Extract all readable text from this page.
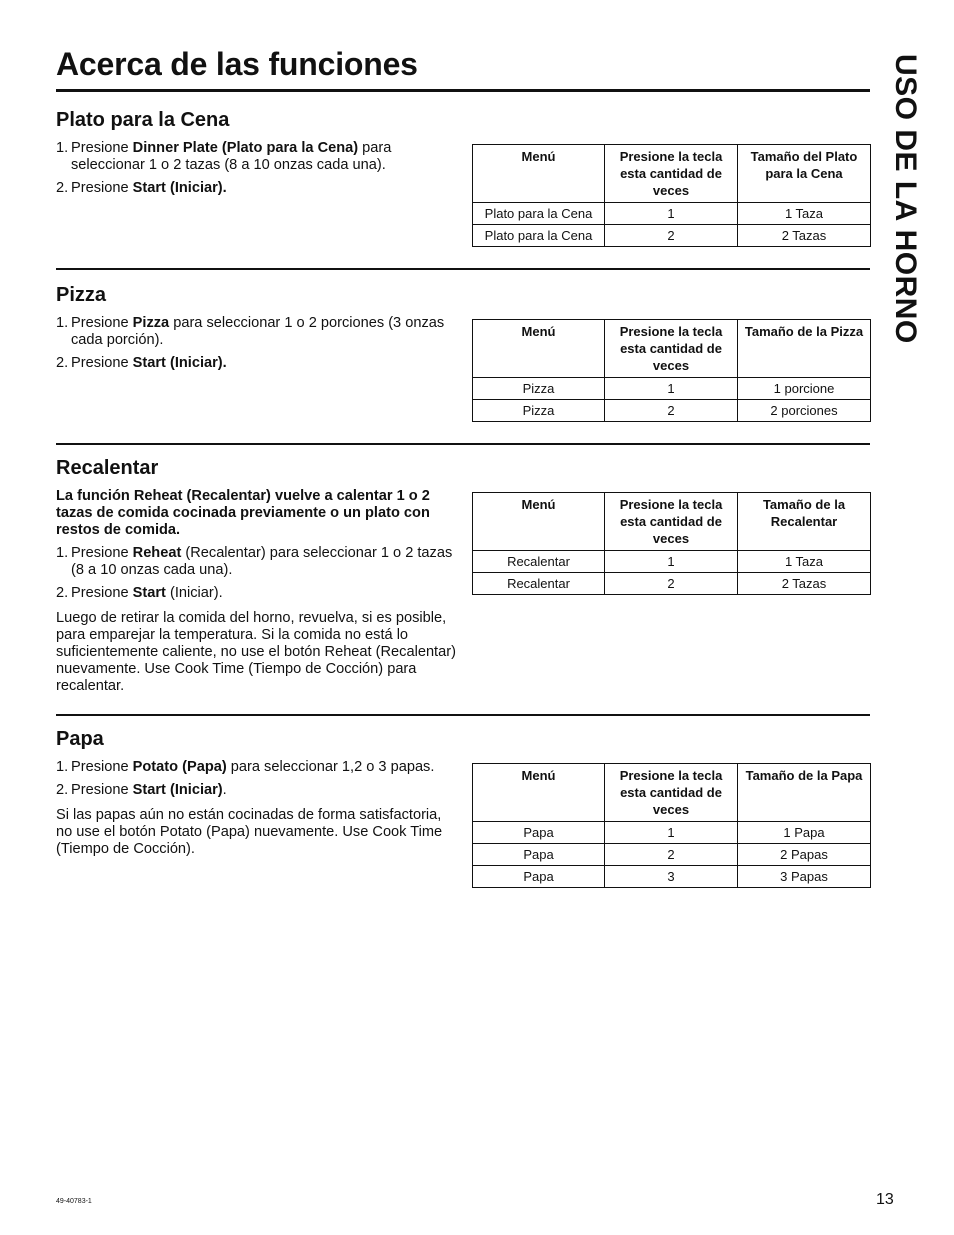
Acerca de las funciones	USO DE LA HORNO
Plato para la Cena
1. Presione Dinner Plate (Plato para la Cena) para seleccionar 1 o 2 tazas (8 a 10 onzas cada una).
2. Presione Start (Iniciar).
Menú	Presione la tecla esta cantidad de veces	Tamaño del Plato para la Cena
Plato para la Cena	1	1 Taza
Plato para la Cena	2	2 Tazas
Pizza
1. Presione Pizza para seleccionar 1 o 2 porciones (3 onzas cada porción).
2. Presione Start (Iniciar).
Menú	Presione la tecla esta cantidad de veces	Tamaño de la Pizza
Pizza	1	1 porcione
Pizza	2	2 porciones
Recalentar

La función Reheat (Recalentar) vuelve a calentar 1 o 2 tazas de comida cocinada previamente o un plato con restos de comida.

1. Presione Reheat (Recalentar) para seleccionar 1 o 2 tazas (8 a 10 onzas cada una).
2. Presione Start (Iniciar).

Luego de retirar la comida del horno, revuelva, si es posible, para emparejar la temperatura. Si la comida no está lo suficientemente caliente, no use el botón Reheat (Recalentar) nuevamente. Use Cook Time (Tiempo de Cocción) para recalentar.

Menú	Presione la tecla esta cantidad de veces	Tamaño de la Recalentar
Recalentar	1	1 Taza
Recalentar	2	2 Tazas
Papa
1. Presione Potato (Papa) para seleccionar 1,2 o 3 papas.
2. Presione Start (Iniciar).

Si las papas aún no están cocinadas de forma satisfactoria, no use el botón Potato (Papa) nuevamente. Use Cook Time (Tiempo de Cocción).

Menú	Presione la tecla esta cantidad de veces	Tamaño de la Papa
Papa	1	1 Papa
Papa	2	2 Papas
Papa	3	3 Papas
49-40783-1	13
